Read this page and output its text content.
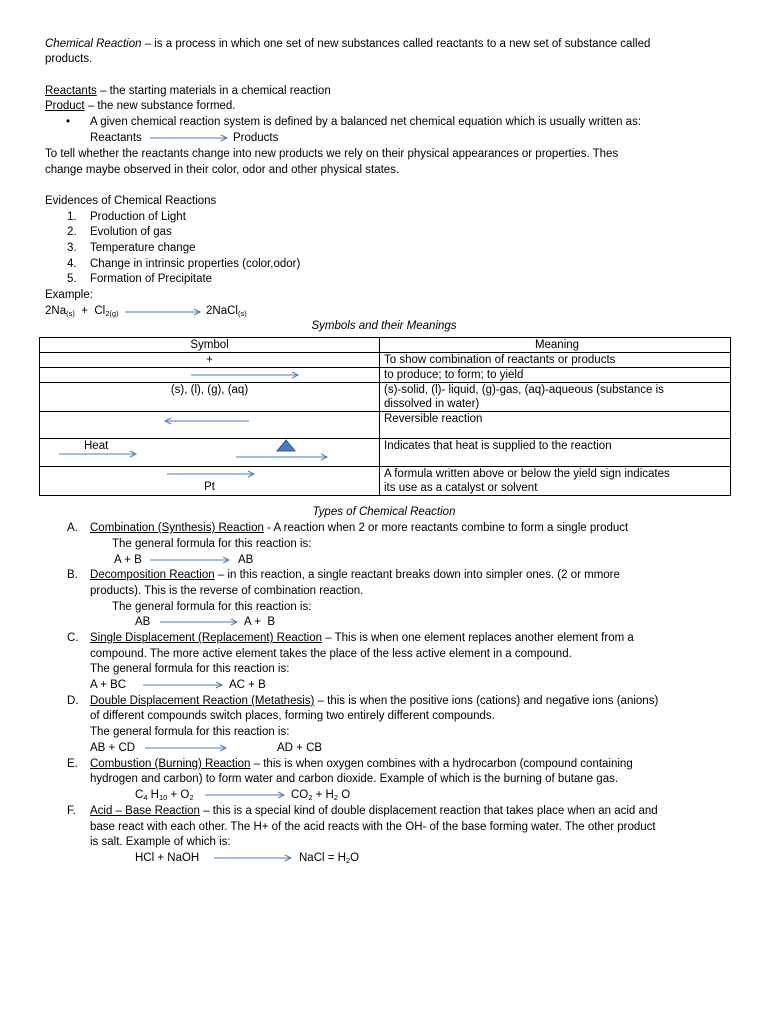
Chemical Reaction – is a process in which one set of new substances called reactants to a new set of substance called
products.
Reactants – the starting materials in a chemical reaction
Product – the new substance formed.
• A given chemical reaction system is defined by a balanced net chemical equation which is usually written as:
Reactants	Products
To tell whether the reactants change into new products we rely on their physical appearances or properties. Thes
change maybe observed in their color, odor and other physical states.
Evidences of Chemical Reactions
1. Production of Light
2. Evolution of gas
3. Temperature change
4. Change in intrinsic properties (color,odor)
5. Formation of Precipitate
Example:
$2Na_{(s)} + Cl_{2(g)}$	2NaCl$_{(s)}$
Symbols and their Meanings
Symbol	Meaning
+	To show combination of reactants or products

	to produce; to form; to yield
(s), (l), (g), (aq)	(s)-solid, (l)- liquid, (g)-gas, (aq)-aqueous (substance is
dissolved in water)

	Reversible reaction

Heat	Indicates that heat is supplied to the reaction

Pt	A formula written above or below the yield sign indicates
its use as a catalyst or solvent
Types of Chemical Reaction
A. Combination (Synthesis) Reaction - A reaction when 2 or more reactants combine to form a single product
The general formula for this reaction is:
A + B	AB
B. Decomposition Reaction – in this reaction, a single reactant breaks down into simpler ones. (2 or mmore
products). This is the reverse of combination reaction.
The general formula for this reaction is:
AB	A +  B
C. Single Displacement (Replacement) Reaction – This is when one element replaces another element from a
compound. The more active element takes the place of the less active element in a compound.
The general formula for this reaction is:
A + BC	AC + B
D. Double Displacement Reaction (Metathesis) – this is when the positive ions (cations) and negative ions (anions)
of different compounds switch places, forming two entirely different compounds.
The general formula for this reaction is:
AB + CD	AD + CB
E. Combustion (Burning) Reaction – this is when oxygen combines with a hydrocarbon (compound containing
hydrogen and carbon) to form water and carbon dioxide. Example of which is the burning of butane gas.
$C_4$ $H_{10} + O_2$	$CO_2 + H_2$ O
F. Acid – Base Reaction – this is a special kind of double displacement reaction that takes place when an acid and
base react with each other. The H+ of the acid reacts with the OH- of the base forming water. The other product
is salt. Example of which is:
HCl + NaOH	NaCl = $H_2O$
